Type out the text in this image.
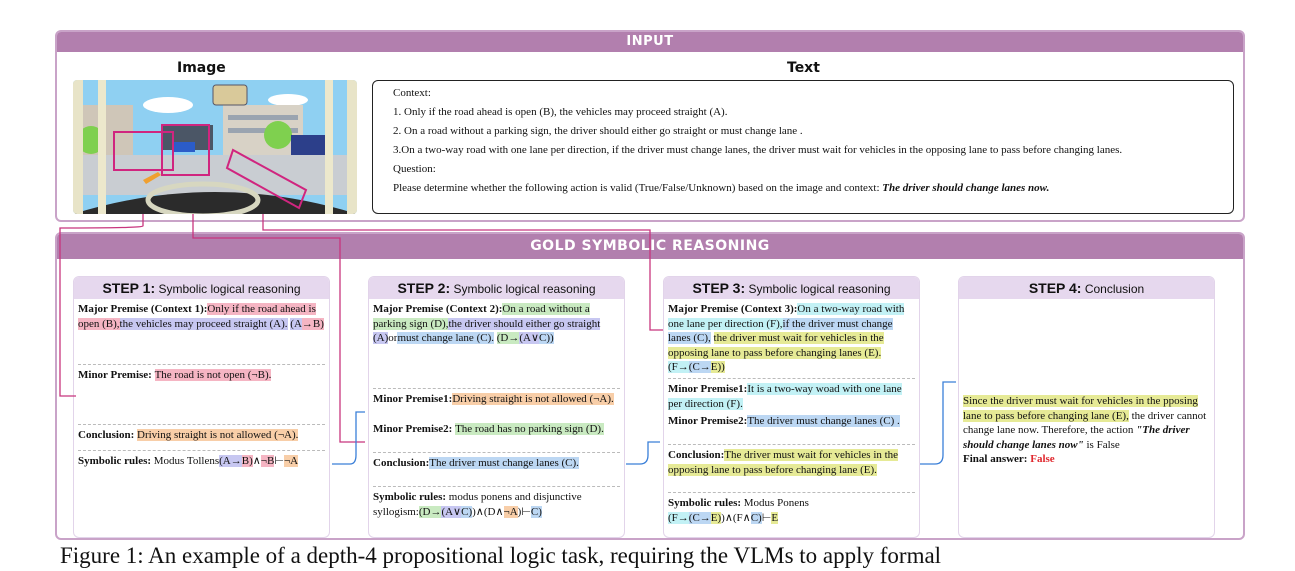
INPUT
Image	Text
Context:
1. Only if the road ahead is open (B), the vehicles may proceed straight (A).
2. On a road without a parking sign, the driver should either go straight or must change lane .
3.On a two-way road with one lane per direction, if the driver must change lanes, the driver must wait for vehicles in the opposing lane to pass before changing lanes.
Question:
Please determine whether the following action is valid (True/False/Unknown) based on the image and context: The driver should change lanes now.
GOLD SYMBOLIC REASONING
STEP 1: Symbolic logical reasoning
Major Premise (Context 1):Only if the road ahead is open (B),the vehicles may proceed straight (A). (A→B)
Minor Premise: The road is not open (¬B).
Conclusion: Driving straight is not allowed (¬A).
Symbolic rules: Modus Tollens(A→B)∧¬B⊢¬A
STEP 2: Symbolic logical reasoning
Major Premise (Context 2):On a road without a parking sign (D),the driver should either go straight (A)ormust change lane (C). (D→(A∨C))
Minor Premise1:Driving straight is not allowed (¬A).
Minor Premise2: The road has no parking sign (D).
Conclusion:The driver must change lanes (C).
Symbolic rules: modus ponens and disjunctive syllogism:(D→(A∨C))∧(D∧¬A)⊢C)
STEP 3: Symbolic logical reasoning
Major Premise (Context 3):On a two-way road with one lane per direction (F),if the driver must change lanes (C), the driver must wait for vehicles in the opposing lane to pass before changing lanes (E).(F→(C→E))
Minor Premise1:It is a two-way woad with one lane per direction (F).
Minor Premise2:The driver must change lanes (C) .
Conclusion:The driver must wait for vehicles in the opposing lane to pass before changing lane (E).
Symbolic rules: Modus Ponens (F→(C→E))∧(F∧C)⊢E
STEP 4: Conclusion
Since the driver must wait for vehicles in the pposing lane to pass before changing lane (E), the driver cannot change lane now. Therefore, the action "The driver should change lanes now" is False
Final answer: False
Figure 1: An example of a depth-4 propositional logic task, requiring the VLMs to apply formal
